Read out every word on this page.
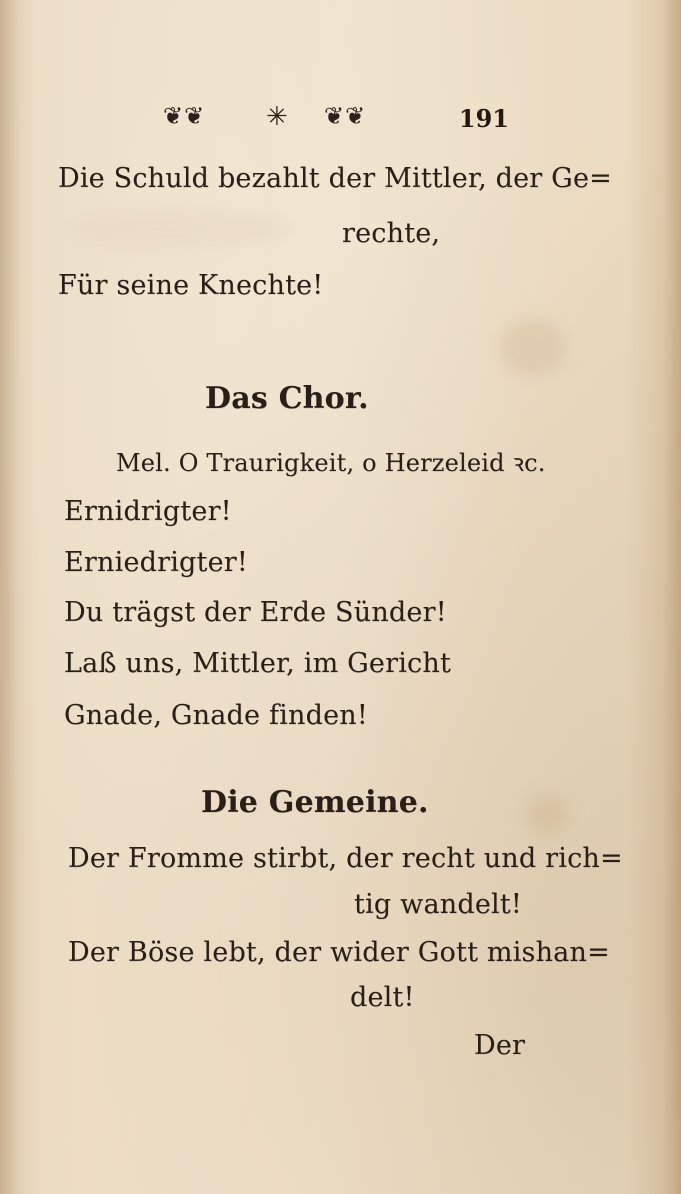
❦❦ ✳ ❦❦	191
Die Schuld bezahlt der Mittler, der Ge=
rechte,
Für seine Knechte!
Das Chor.
Mel. O Traurigkeit, o Herzeleid ꝛc.
Ernidrigter!
Erniedrigter!
Du trägst der Erde Sünder!
Laß uns, Mittler, im Gericht
Gnade, Gnade finden!
Die Gemeine.
Der Fromme stirbt, der recht und rich=
tig wandelt!
Der Böse lebt, der wider Gott mishan=
delt!
Der
